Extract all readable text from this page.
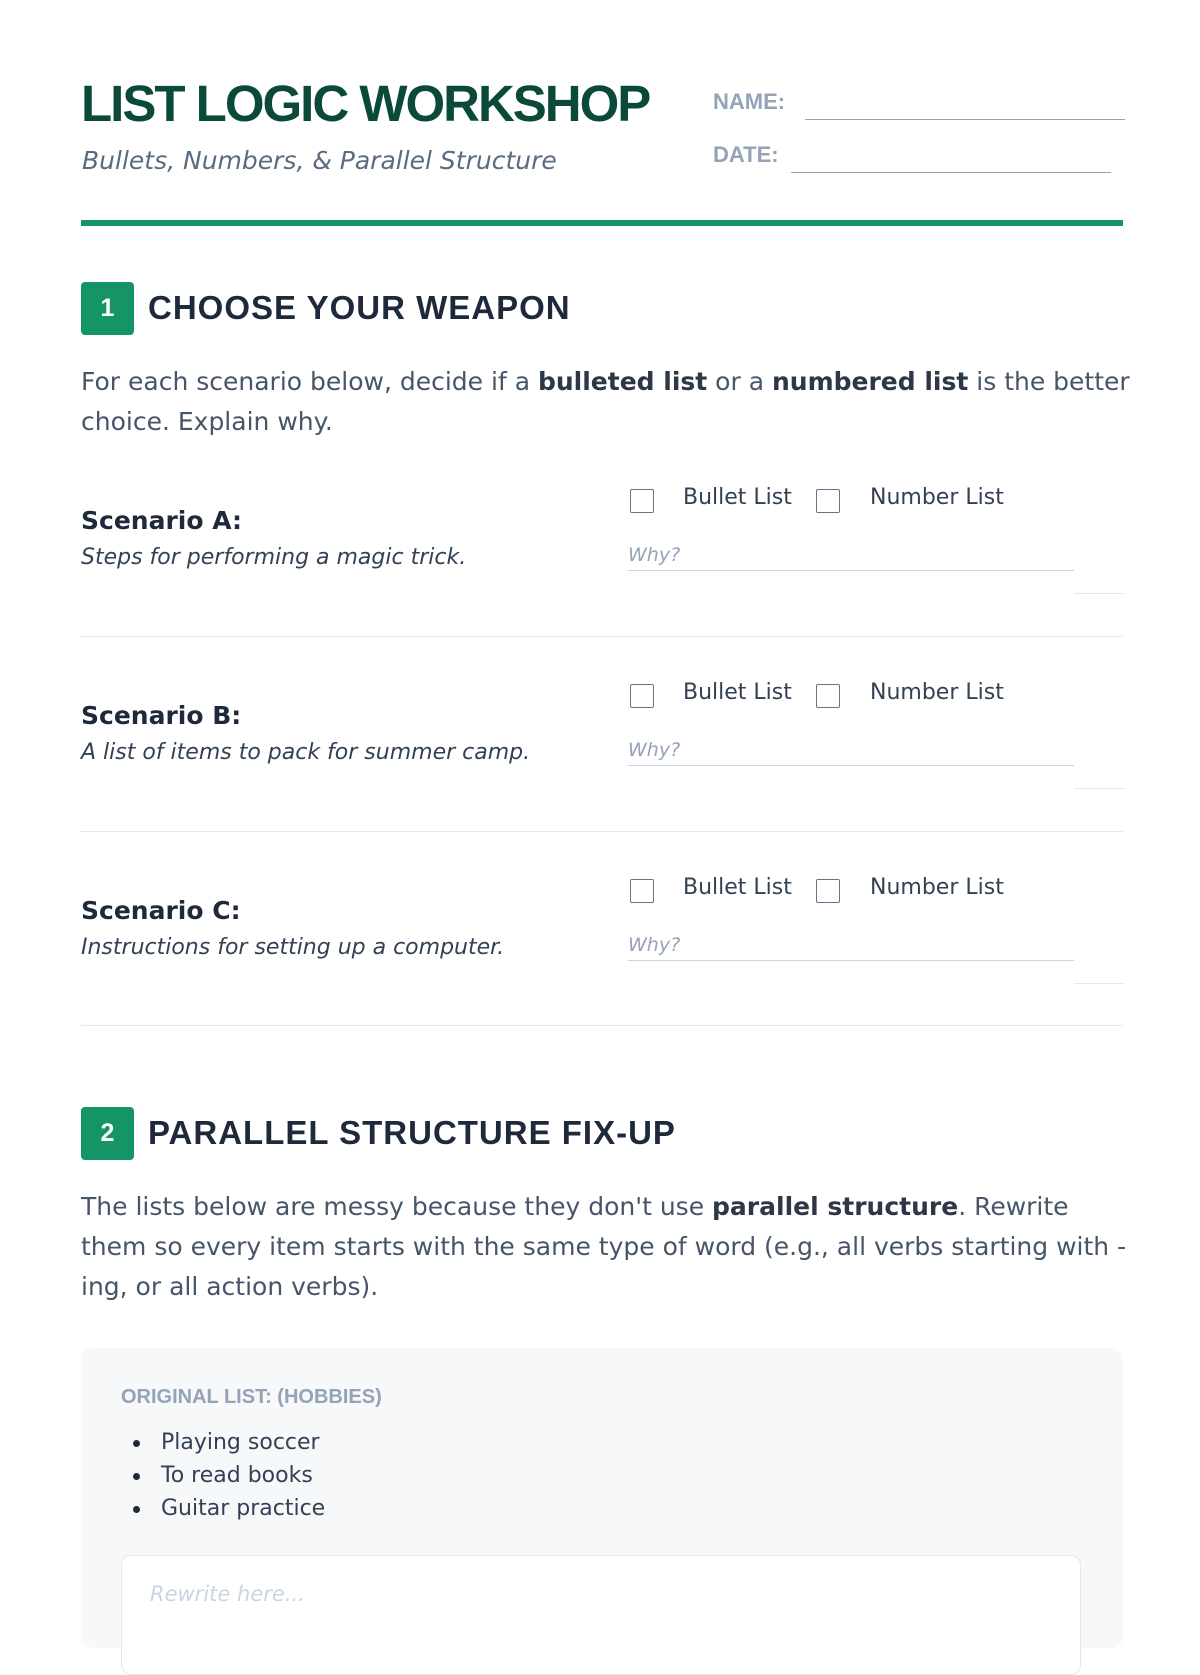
LIST LOGIC WORKSHOP
Bullets, Numbers, & Parallel Structure
NAME:
DATE:
1	CHOOSE YOUR WEAPON

For each scenario below, decide if a bulleted list or a numbered list is the better choice. Explain why.

Scenario A:
Steps for performing a magic trick.
Bullet List	Number List
Why?
Scenario B:
A list of items to pack for summer camp.
Bullet List	Number List
Why?
Scenario C:
Instructions for setting up a computer.
Bullet List	Number List
Why?
2	PARALLEL STRUCTURE FIX-UP

The lists below are messy because they don't use parallel structure. Rewrite them so every item starts with the same type of word (e.g., all verbs starting with -ing, or all action verbs).

ORIGINAL LIST: (HOBBIES)
Playing soccer
To read books
Guitar practice
Rewrite here...
